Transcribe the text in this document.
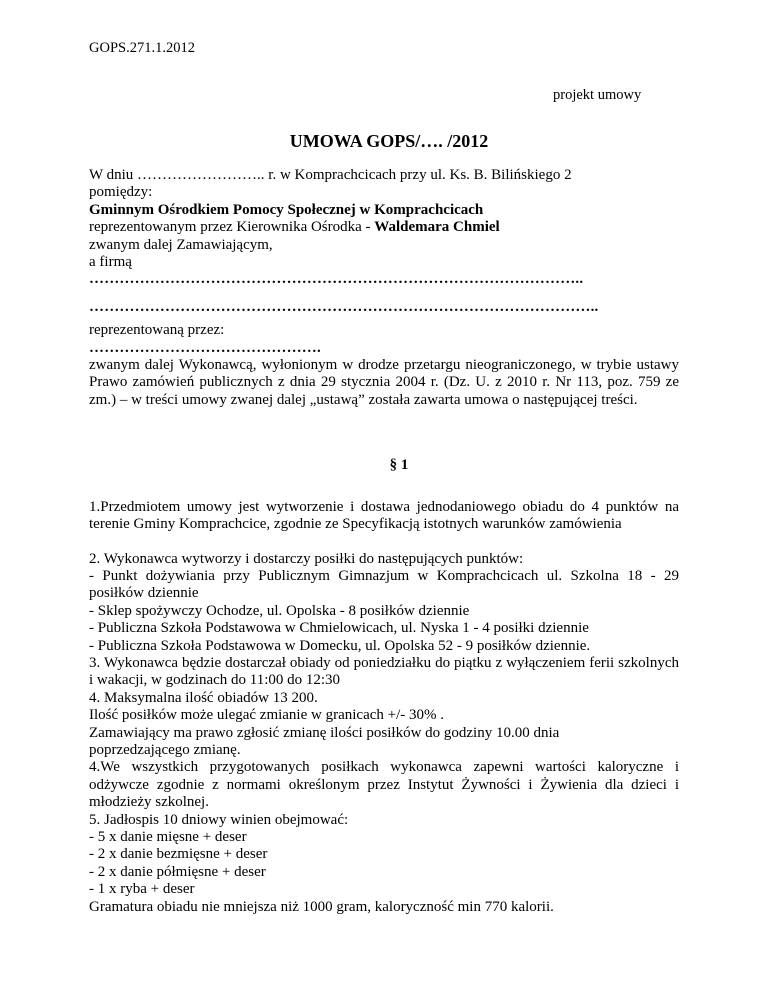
GOPS.271.1.2012
projekt umowy
UMOWA GOPS/…. /2012
W dniu …………………….. r. w Komprachcicach przy ul. Ks. B. Bilińskiego 2
pomiędzy:
Gminnym Ośrodkiem Pomocy Społecznej w Komprachcicach
reprezentowanym przez Kierownika Ośrodka - Waldemara Chmiel
zwanym dalej Zamawiającym,
a firmą
……………………………………………………………………………………..
………………………………………………………………………………………..
reprezentowaną przez:
……………………………………….
zwanym dalej Wykonawcą, wyłonionym w drodze przetargu nieograniczonego, w trybie ustawy Prawo zamówień publicznych z dnia 29 stycznia 2004 r. (Dz. U. z 2010 r. Nr 113, poz. 759 ze zm.) – w treści umowy zwanej dalej „ustawą” została zawarta umowa o następującej treści.
§ 1
1.Przedmiotem umowy jest wytworzenie i dostawa jednodaniowego obiadu do 4 punktów na terenie Gminy Komprachcice, zgodnie ze Specyfikacją istotnych warunków zamówienia
2. Wykonawca wytworzy i dostarczy posiłki do następujących punktów:
- Punkt dożywiania przy Publicznym Gimnazjum w Komprachcicach ul. Szkolna 18 - 29 posiłków dziennie
- Sklep spożywczy Ochodze, ul. Opolska - 8 posiłków dziennie
- Publiczna Szkoła Podstawowa w Chmielowicach, ul. Nyska 1 - 4 posiłki dziennie
- Publiczna Szkoła Podstawowa w Domecku, ul. Opolska 52 - 9 posiłków dziennie.
3. Wykonawca będzie dostarczał obiady od poniedziałku do piątku z wyłączeniem ferii szkolnych i wakacji, w godzinach do 11:00 do 12:30
4. Maksymalna ilość obiadów 13 200.
Ilość posiłków może ulegać zmianie w granicach +/- 30% .
Zamawiający ma prawo zgłosić zmianę ilości posiłków do godziny 10.00 dnia poprzedzającego zmianę.
4.We wszystkich przygotowanych posiłkach wykonawca zapewni wartości kaloryczne i odżywcze zgodnie z normami określonym przez Instytut Żywności i Żywienia dla dzieci i młodzieży szkolnej.
5. Jadłospis 10 dniowy winien obejmować:
- 5 x danie mięsne + deser
- 2 x danie bezmięsne + deser
- 2 x danie półmięsne + deser
- 1 x ryba + deser
Gramatura obiadu nie mniejsza niż 1000 gram, kaloryczność min 770 kalorii.
